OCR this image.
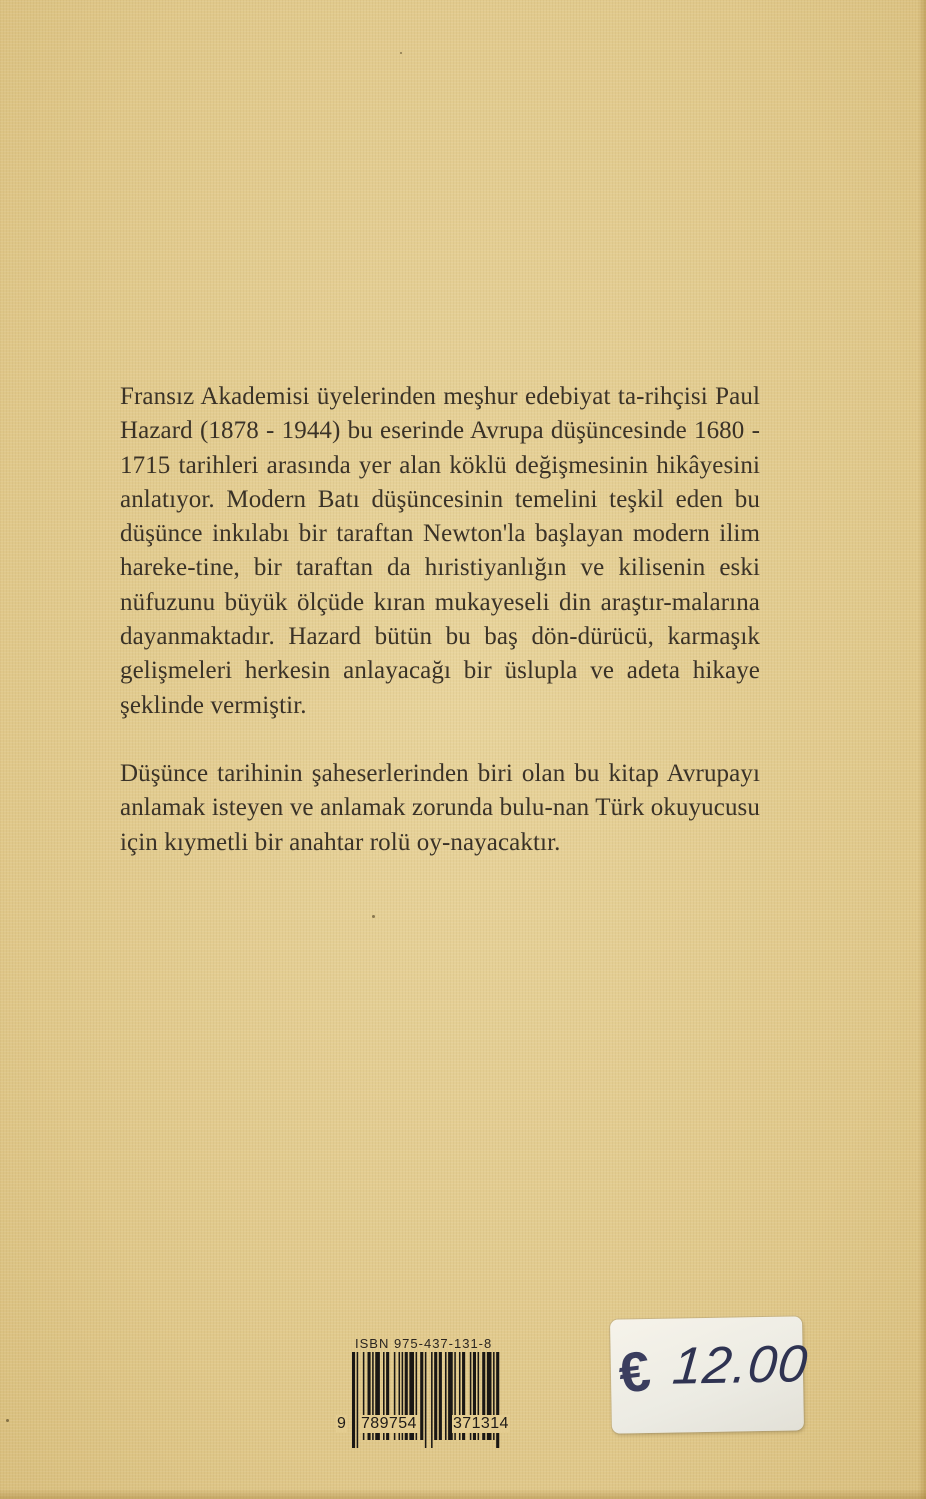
Fransız Akademisi üyelerinden meşhur edebiyat ta-rihçisi Paul Hazard (1878 - 1944) bu eserinde Avrupa düşüncesinde 1680 - 1715 tarihleri arasında yer alan köklü değişmesinin hikâyesini anlatıyor. Modern Batı düşüncesinin temelini teşkil eden bu düşünce inkılabı bir taraftan Newton'la başlayan modern ilim hareke-tine, bir taraftan da hıristiyanlığın ve kilisenin eski nüfuzunu büyük ölçüde kıran mukayeseli din araştır-malarına dayanmaktadır. Hazard bütün bu baş dön-dürücü, karmaşık gelişmeleri herkesin anlayacağı bir üslupla ve adeta hikaye şeklinde vermiştir.

Düşünce tarihinin şaheserlerinden biri olan bu kitap Avrupayı anlamak isteyen ve anlamak zorunda bulu-nan Türk okuyucusu için kıymetli bir anahtar rolü oy-nayacaktır.

ISBN 975-437-131-8
9 789754 371314
€ 12.00
